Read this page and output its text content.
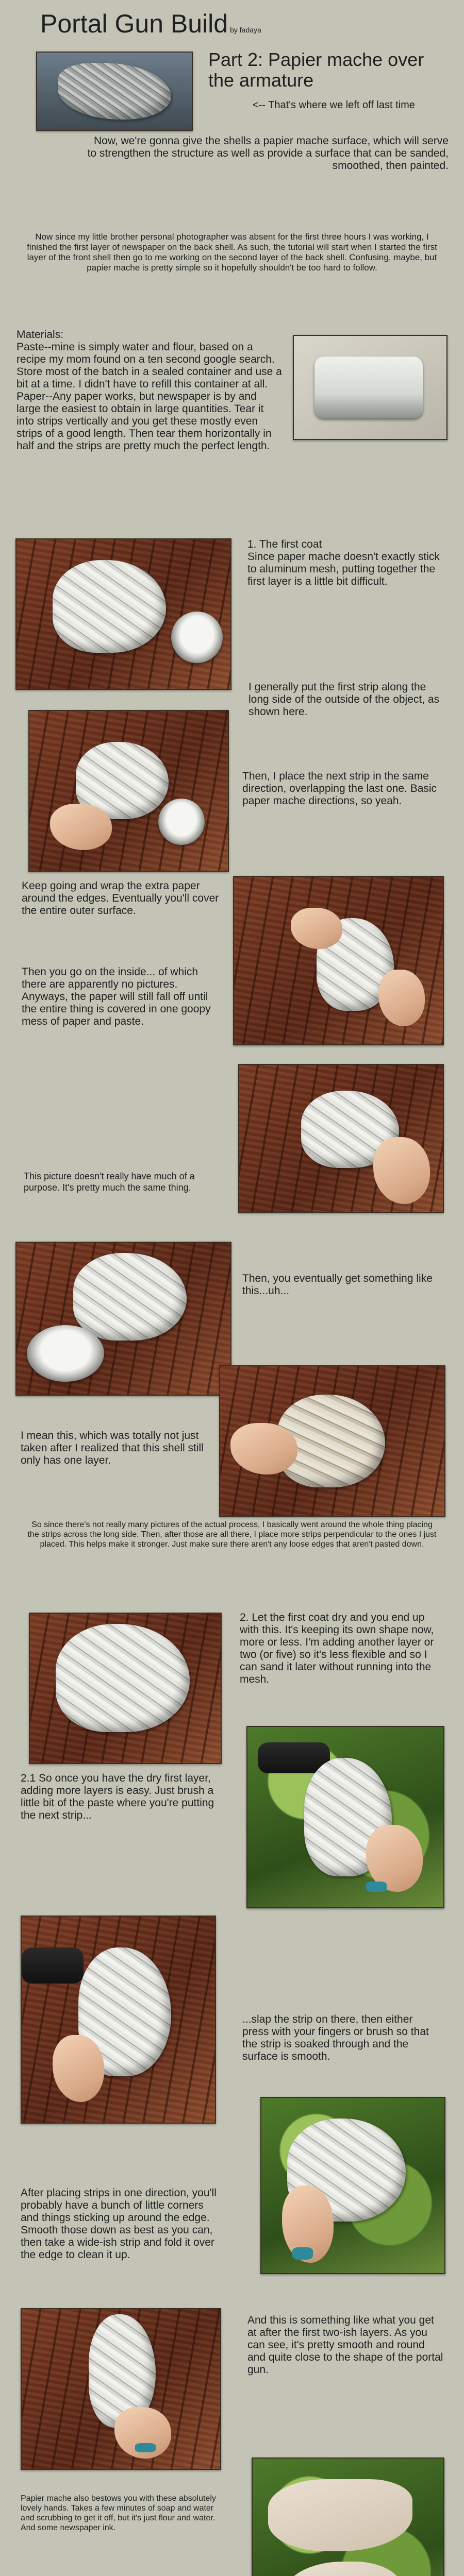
Portal Gun Build by fadaya
Part 2: Papier mache over the armature
<-- That's where we left off last time
Now, we're gonna give the shells a papier mache surface, which will serve to strengthen the structure as well as provide a surface that can be sanded, smoothed, then painted.
Now since my little brother personal photographer was absent for the first three hours I was working, I finished the first layer of newspaper on the back shell. As such, the tutorial will start when I started the first layer of the front shell then go to me working on the second layer of the back shell. Confusing, maybe, but papier mache is pretty simple so it hopefully shouldn't be too hard to follow.
Materials:
Paste--mine is simply water and flour, based on a recipe my mom found on a ten second google search. Store most of the batch in a sealed container and use a bit at a time. I didn't have to refill this container at all.
Paper--Any paper works, but newspaper is by and large the easiest to obtain in large quantities. Tear it into strips vertically and you get these mostly even strips of a good length. Then tear them horizontally in half and the strips are pretty much the perfect length.
1. The first coat
Since paper mache doesn't exactly stick to aluminum mesh, putting together the first layer is a little bit difficult.
I generally put the first strip along the long side of the outside of the object, as shown here.
Then, I place the next strip in the same direction, overlapping the last one. Basic paper mache directions, so yeah.
Keep going and wrap the extra paper around the edges. Eventually you'll cover the entire outer surface.
Then you go on the inside... of which there are apparently no pictures. Anyways, the paper will still fall off until the entire thing is covered in one goopy mess of paper and paste.
This picture doesn't really have much of a purpose. It's pretty much the same thing.
Then, you eventually get something like this...uh...
I mean this, which was totally not just taken after I realized that this shell still only has one layer.
So since there's not really many pictures of the actual process, I basically went around the whole thing placing the strips across the long side. Then, after those are all there, I place more strips perpendicular to the ones I just placed. This helps make it stronger. Just make sure there aren't any loose edges that aren't pasted down.
2. Let the first coat dry and you end up with this. It's keeping its own shape now, more or less. I'm adding another layer or two (or five) so it's less flexible and so I can sand it later without running into the mesh.
2.1 So once you have the dry first layer, adding more layers is easy. Just brush a little bit of the paste where you're putting the next strip...
...slap the strip on there, then either press with your fingers or brush so that the strip is soaked through and the surface is smooth.
After placing strips in one direction, you'll probably have a bunch of little corners and things sticking up around the edge. Smooth those down as best as you can, then take a wide-ish strip and fold it over the edge to clean it up.
And this is something like what you get at after the first two-ish layers. As you can see, it's pretty smooth and round and quite close to the shape of the portal gun.
Papier mache also bestows you with these absolutely lovely hands. Takes a few minutes of soap and water and scrubbing to get it off, but it's just flour and water. And some newspaper ink.
